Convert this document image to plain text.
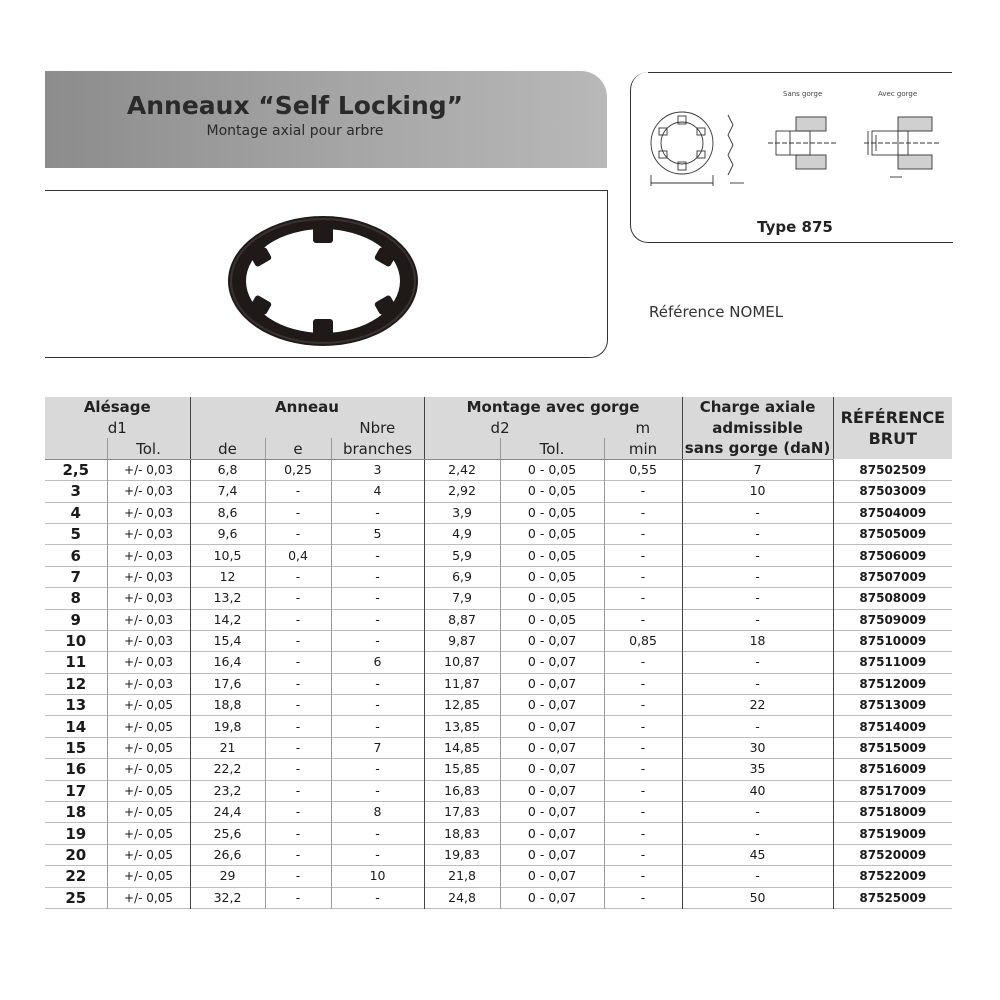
Anneaux “Self Locking”
Montage axial pour arbre
Sans gorge	Avec gorge
Type 875
Référence NOMEL
Alésage		Anneau			Montage avec gorge			Charge axiale	RÉFÉRENCE
BRUT

d1				Nbre	d2		m	admissible	
	Tol.	de	e	branches		Tol.	min	sans gorge (daN)	
2,5	+/- 0,03	6,8	0,25	3	2,42	0 - 0,05	0,55	7	87502509
3	+/- 0,03	7,4	-	4	2,92	0 - 0,05	-	10	87503009
4	+/- 0,03	8,6	-	-	3,9	0 - 0,05	-	-	87504009
5	+/- 0,03	9,6	-	5	4,9	0 - 0,05	-	-	87505009
6	+/- 0,03	10,5	0,4	-	5,9	0 - 0,05	-	-	87506009
7	+/- 0,03	12	-	-	6,9	0 - 0,05	-	-	87507009
8	+/- 0,03	13,2	-	-	7,9	0 - 0,05	-	-	87508009
9	+/- 0,03	14,2	-	-	8,87	0 - 0,05	-	-	87509009
10	+/- 0,03	15,4	-	-	9,87	0 - 0,07	0,85	18	87510009
11	+/- 0,03	16,4	-	6	10,87	0 - 0,07	-	-	87511009
12	+/- 0,03	17,6	-	-	11,87	0 - 0,07	-	-	87512009
13	+/- 0,05	18,8	-	-	12,85	0 - 0,07	-	22	87513009
14	+/- 0,05	19,8	-	-	13,85	0 - 0,07	-	-	87514009
15	+/- 0,05	21	-	7	14,85	0 - 0,07	-	30	87515009
16	+/- 0,05	22,2	-	-	15,85	0 - 0,07	-	35	87516009
17	+/- 0,05	23,2	-	-	16,83	0 - 0,07	-	40	87517009
18	+/- 0,05	24,4	-	8	17,83	0 - 0,07	-	-	87518009
19	+/- 0,05	25,6	-	-	18,83	0 - 0,07	-	-	87519009
20	+/- 0,05	26,6	-	-	19,83	0 - 0,07	-	45	87520009
22	+/- 0,05	29	-	10	21,8	0 - 0,07	-	-	87522009
25	+/- 0,05	32,2	-	-	24,8	0 - 0,07	-	50	87525009
